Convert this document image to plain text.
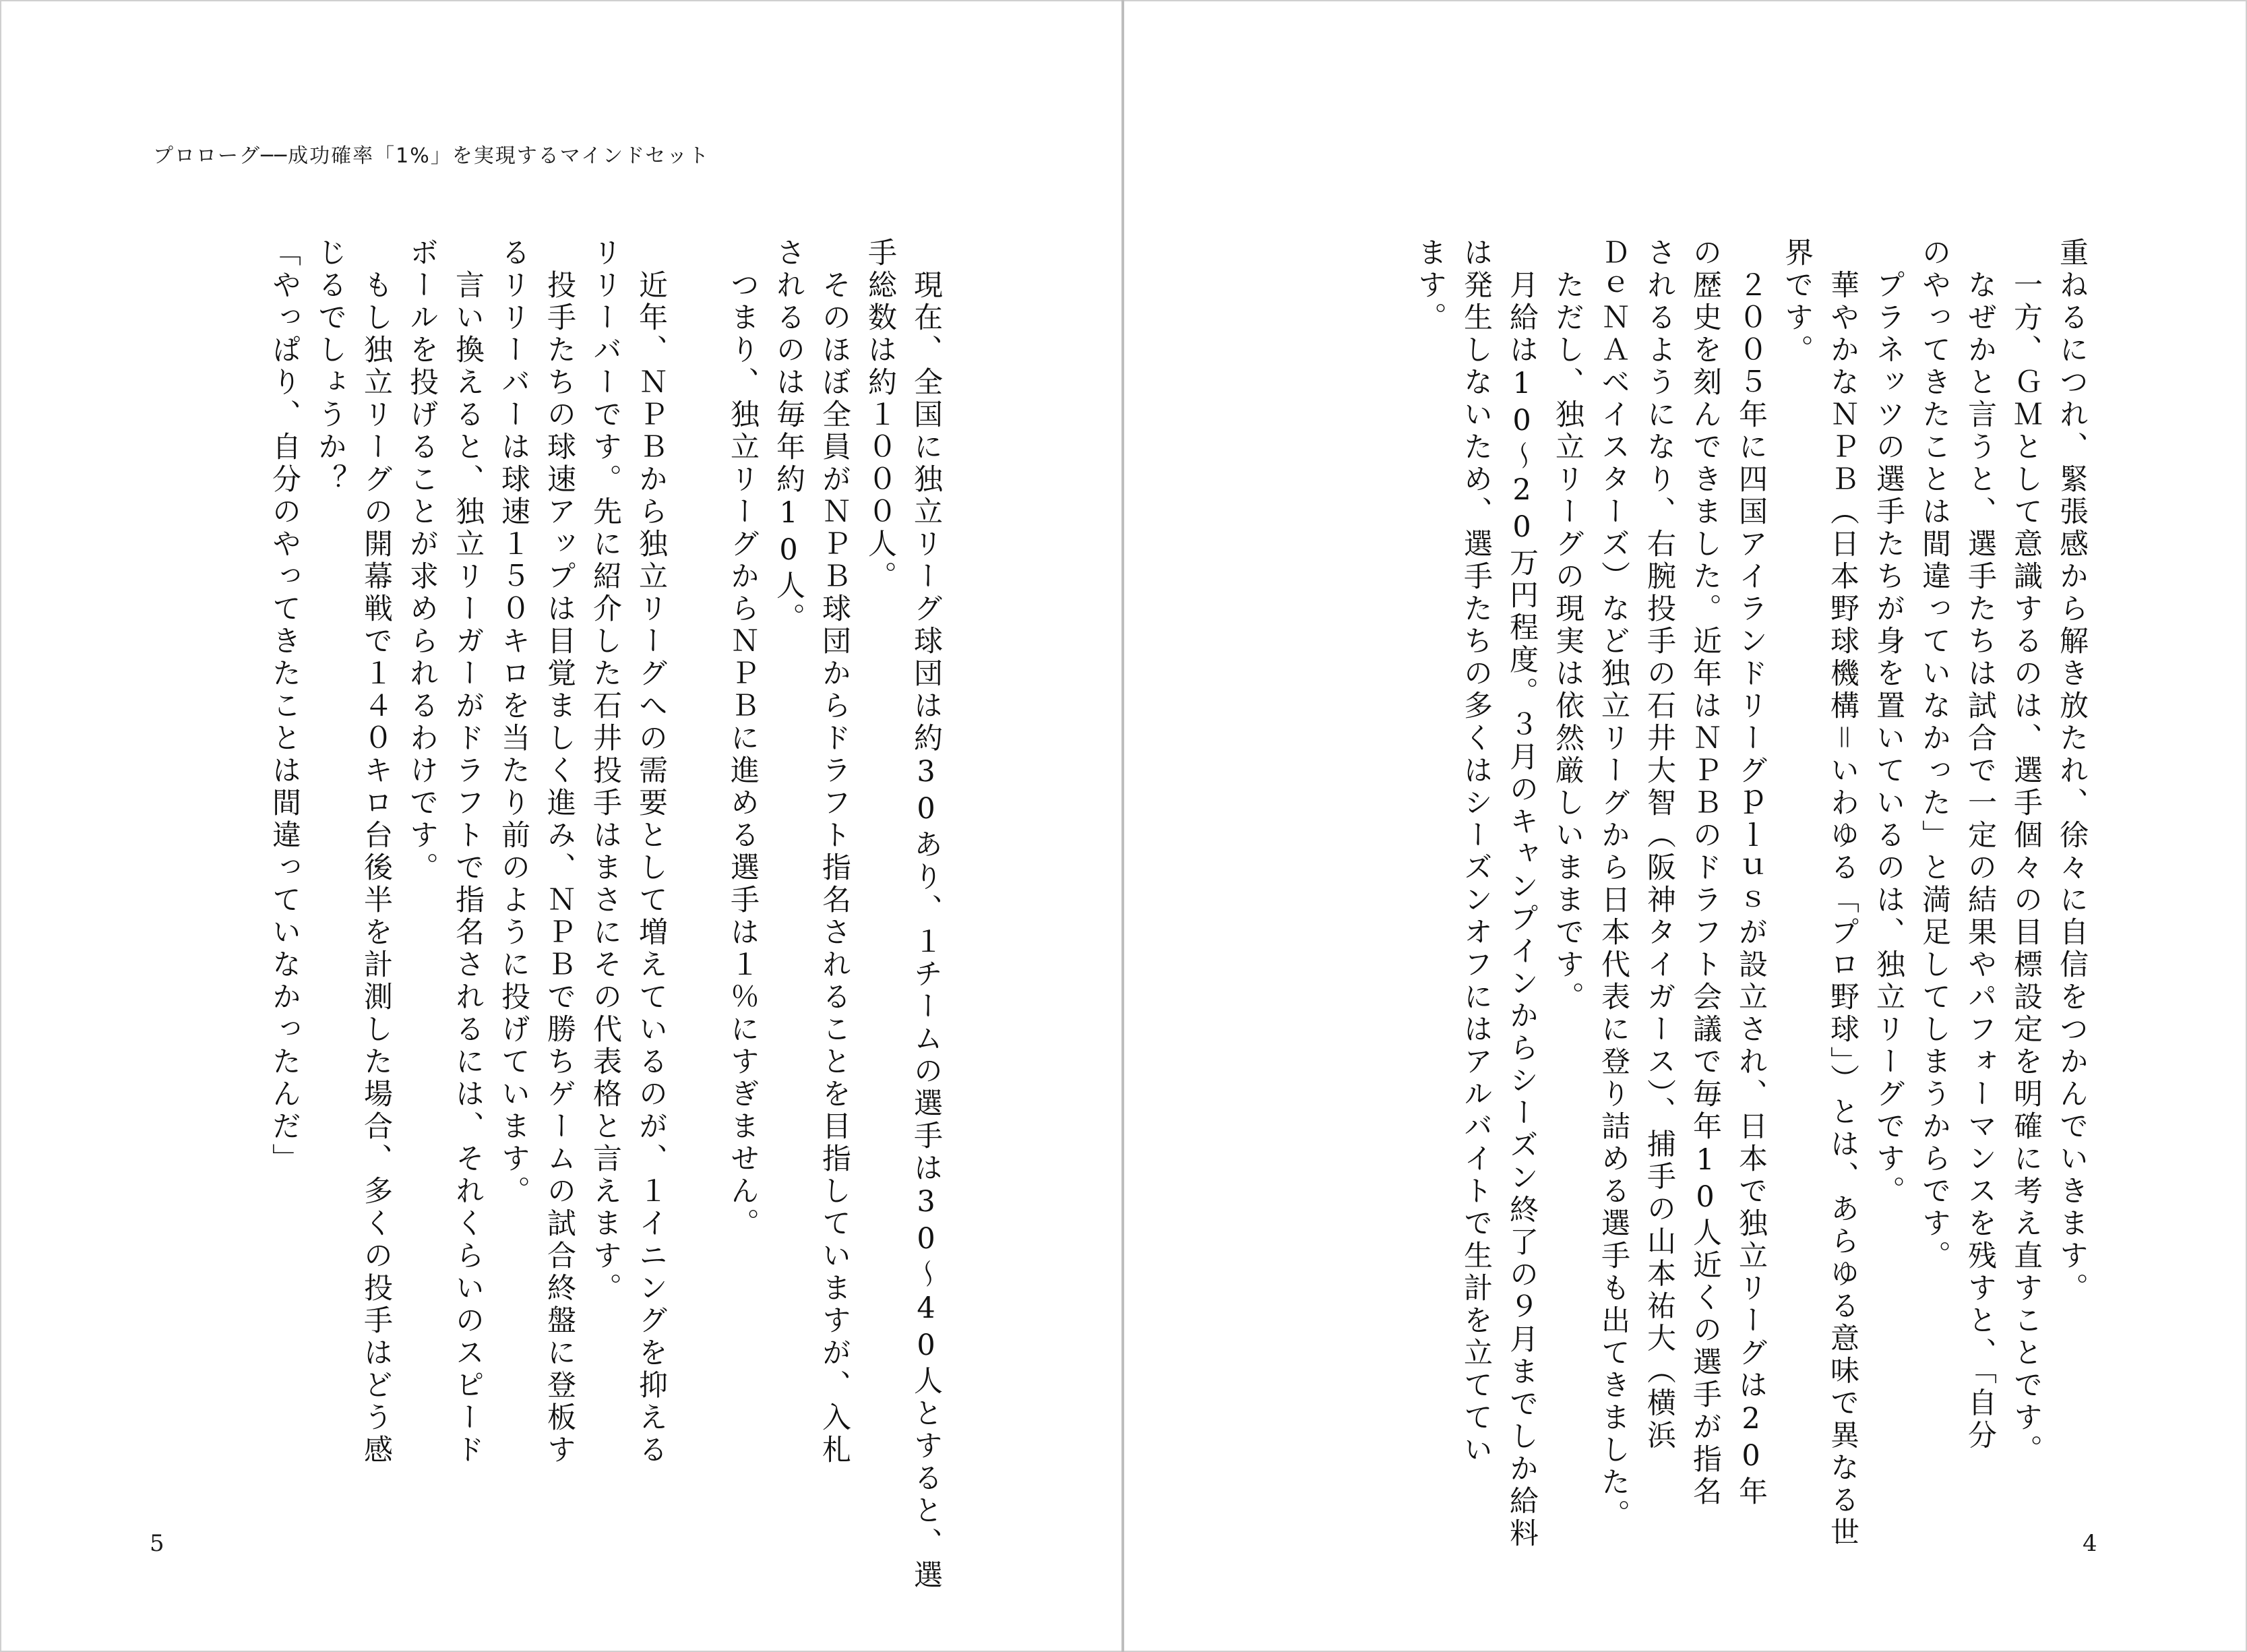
プロローグ──成功確率「1%」を実現するマインドセット
　現在、全国に独立リーグ球団は約30あり、１チームの選手は30〜40人とすると、選
手総数は約１０００人。
　そのほぼ全員がＮＰＢ球団からドラフト指名されることを目指していますが、入札
されるのは毎年約10人。
　つまり、独立リーグからＮＰＢに進める選手は１％にすぎません。

　近年、ＮＰＢから独立リーグへの需要として増えているのが、１イニングを抑える
リリーバーです。先に紹介した石井投手はまさにその代表格と言えます。
　投手たちの球速アップは目覚ましく進み、ＮＰＢで勝ちゲームの試合終盤に登板す
るリリーバーは球速１５０キロを当たり前のように投げています。
　言い換えると、独立リーガーがドラフトで指名されるには、それくらいのスピード
ボールを投げることが求められるわけです。
　もし独立リーグの開幕戦で１４０キロ台後半を計測した場合、多くの投手はどう感
じるでしょうか？
「やっぱり、自分のやってきたことは間違っていなかったんだ」	重ねるにつれ、緊張感から解き放たれ、徐々に自信をつかんでいきます。
　一方、ＧＭとして意識するのは、選手個々の目標設定を明確に考え直すことです。
　なぜかと言うと、選手たちは試合で一定の結果やパフォーマンスを残すと、「自分
のやってきたことは間違っていなかった」と満足してしまうからです。
　プラネッツの選手たちが身を置いているのは、独立リーグです。
　華やかなＮＰＢ（日本野球機構＝いわゆる「プロ野球」）とは、あらゆる意味で異なる世
界です。
　２００５年に四国アイランドリーグｐｌｕｓが設立され、日本で独立リーグは20年
の歴史を刻んできました。近年はＮＰＢのドラフト会議で毎年10人近くの選手が指名
されるようになり、右腕投手の石井大智（阪神タイガース）、捕手の山本祐大（横浜
ＤｅＮＡベイスターズ）など独立リーグから日本代表に登り詰める選手も出てきました。
　ただし、独立リーグの現実は依然厳しいままです。
　月給は10〜20万円程度。３月のキャンプインからシーズン終了の９月までしか給料
は発生しないため、選手たちの多くはシーズンオフにはアルバイトで生計を立ててい
ます。
5	4
